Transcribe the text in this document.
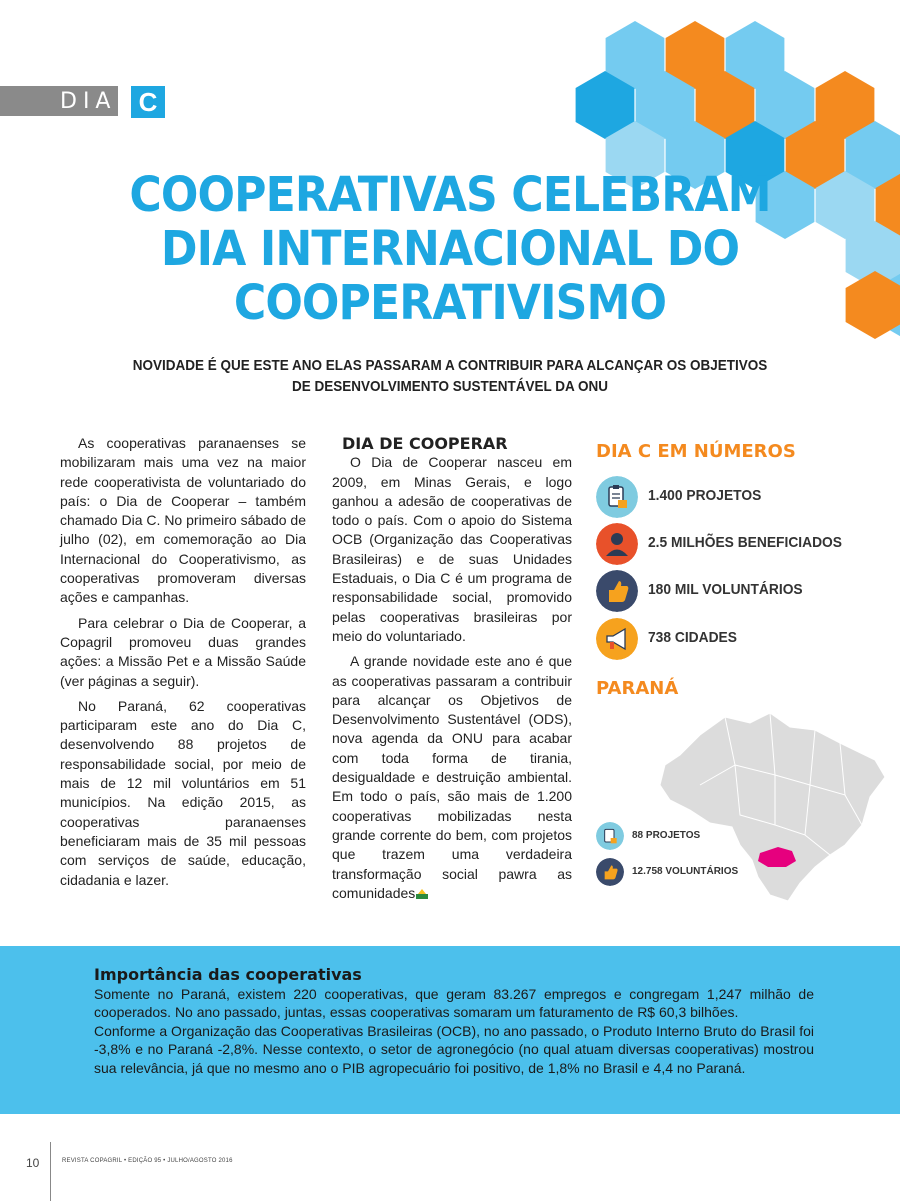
DIA C
COOPERATIVAS CELEBRAM
DIA INTERNACIONAL DO
COOPERATIVISMO
NOVIDADE É QUE ESTE ANO ELAS PASSARAM A CONTRIBUIR PARA ALCANÇAR OS OBJETIVOS
DE DESENVOLVIMENTO SUSTENTÁVEL DA ONU

As cooperativas paranaenses se mobilizaram mais uma vez na maior rede cooperativista de voluntariado do país: o Dia de Cooperar – também chamado Dia C. No primeiro sábado de julho (02), em comemoração ao Dia Internacional do Cooperativismo, as cooperativas promoveram diversas ações e campanhas.

Para celebrar o Dia de Cooperar, a Copagril promoveu duas grandes ações: a Missão Pet e a Missão Saúde (ver páginas a seguir).

No Paraná, 62 cooperativas participaram este ano do Dia C, desenvolvendo 88 projetos de responsabilidade social, por meio de mais de 12 mil voluntários em 51 municípios. Na edição 2015, as cooperativas paranaenses beneficiaram mais de 35 mil pessoas com serviços de saúde, educação, cidadania e lazer.

DIA DE COOPERAR

O Dia de Cooperar nasceu em 2009, em Minas Gerais, e logo ganhou a adesão de cooperativas de todo o país. Com o apoio do Sistema OCB (Organização das Cooperativas Brasileiras) e de suas Unidades Estaduais, o Dia C é um programa de responsabilidade social, promovido pelas cooperativas brasileiras por meio do voluntariado.

A grande novidade este ano é que as cooperativas passaram a contribuir para alcançar os Objetivos de Desenvolvimento Sustentável (ODS), nova agenda da ONU para acabar com toda forma de tirania, desigualdade e destruição ambiental. Em todo o país, são mais de 1.200 cooperativas mobilizadas nesta grande corrente do bem, com projetos que trazem uma verdadeira transformação social pawra as comunidades

DIA C EM NÚMEROS
1.400 PROJETOS
2.5 MILHÕES BENEFICIADOS
180 MIL VOLUNTÁRIOS
738 CIDADES
PARANÁ
88 PROJETOS
12.758 VOLUNTÁRIOS
Importância das cooperativas

Somente no Paraná, existem 220 cooperativas, que geram 83.267 empregos e congregam 1,247 milhão de cooperados. No ano passado, juntas, essas cooperativas somaram um faturamento de R$ 60,3 bilhões.

Conforme a Organização das Cooperativas Brasileiras (OCB), no ano passado, o Produto Interno Bruto do Brasil foi -3,8% e no Paraná -2,8%. Nesse contexto, o setor de agronegócio (no qual atuam diversas cooperativas) mostrou sua relevância, já que no mesmo ano o PIB agropecuário foi positivo, de 1,8% no Brasil e 4,4 no Paraná.

10	REVISTA COPAGRIL • EDIÇÃO 95 • JULHO/AGOSTO 2016
